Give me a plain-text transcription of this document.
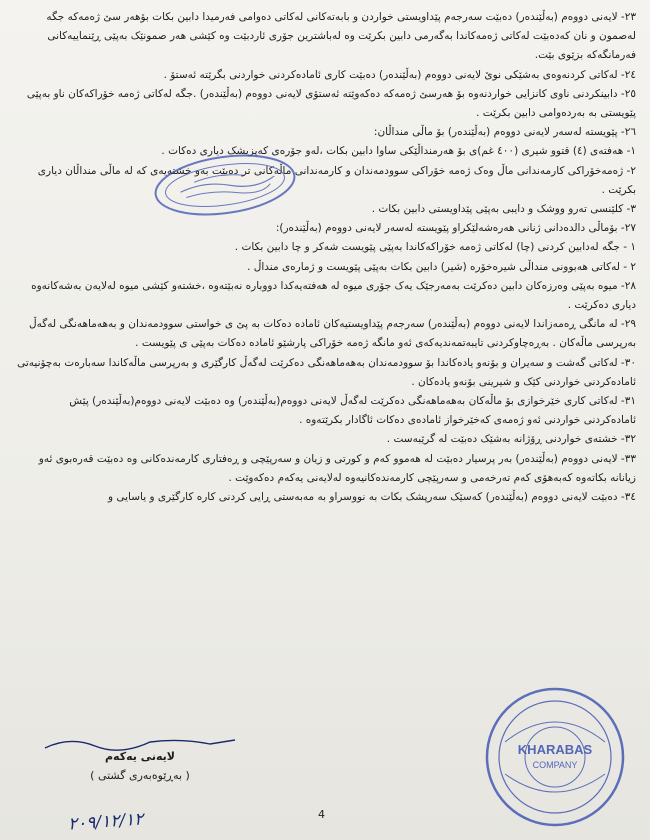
٢٣- لایەنی دووەم (بەڵێندەر) دەبێت سەرجەم پێداویستی خواردن و بابەتەکانی لەکاتی دەوامی فەرمیدا دابین بکات بۆهەر سێ ژەمەکە جگە لەصمون و نان کەدەبێت لەکاتی ژەمەکاندا بەگەرمی دابین بکرێت وە لەباشترین جۆری ئاردبێت وە کێشی هەر صمونێک بەپێی ڕێنماییەکانی فەرمانگەکە بزێوی بێت.

٢٤- لەکاتی کردنەوەی بەشێکی نوێ لایەنی دووەم (بەڵێندەر) دەبێت کاری ئامادەکردنی خواردنی بگرێتە ئەستۆ .

٢٥- دابینکردنی ناوی کانزایی خواردنەوە بۆ هەرسێ ژەمەکە دەکەوێتە ئەستۆی لایەنی دووەم (بەڵێندەر) .جگە لەکاتی ژەمە خۆراکەکان ناو بەپێی پێویستی بە بەردەوامی دابین بکرێت .

٢٦- پێویستە لەسەر لایەنی دووەم (بەڵێندەر) بۆ ماڵی منداڵان:

١- هەفتەی (٤) قتوو شیری (٤٠٠ غم)ی بۆ هەرمنداڵێکی ساوا دابین بکات ،لەو جۆرەی کەپزیشک دیاری دەکات .

٢- ژەمەخۆراکی کارمەندانی ماڵ وەک ژەمە خۆراکی سوودمەندان و کارمەندانی ماڵەکانی تر دەبێت بەو خشتەیەی کە لە ماڵی منداڵان دیاری بکرێت .

٣- کلێنسی تەرو ووشک و دایبی بەپێی پێداویستی دابین بکات .

٢٧- بۆماڵی دالدەدانی ژنانی هەرەشەلێکراو پێویستە لەسەر لایەنی دووەم (بەڵێندەر):

١ - جگە لەدابین کردنی (چا) لەکاتی ژەمە خۆراکەکاندا بەپێی پێویست شەکر و چا دابین بکات .

٢ - لەکاتی هەبوونی منداڵی شیرەخۆرە (شیر) دابین بکات بەپێی پێویست و ژمارەی منداڵ .

٢٨- میوە بەپێی وەرزەکان دابین دەکرێت بەمەرجێک یەک جۆری میوە لە هەفتەیەکدا دووبارە نەبێتەوە ،خشتەو کێشی میوە لەلایەن بەشەکانەوە دیاری دەکرێت .

٢٩- لە مانگی ڕەمەزاندا لایەنی دووەم (بەڵێندەر) سەرجەم پێداویستیەکان ئامادە دەکات بە پێ ی خواستی سوودمەندان و بەهەماهەنگی لەگەڵ بەرپرسی ماڵەکان . بەڕەچاوکردنی تایبەتمەندیەکەی ئەو مانگە ژەمە خۆراکی پارشێو ئامادە دەکات بەپێی ی پێویست .

٣٠- لەکاتی گەشت و سەیران و بۆنەو یادەکاندا بۆ سوودمەندان بەهەماهەنگی دەکرێت لەگەڵ کارگێری و بەرپرسی ماڵەکاندا سەبارەت بەچۆنیەتی ئامادەکردنی خواردنی کێک و شیرینی بۆنەو یادەکان .

٣١- لەکاتی کاری خێرخوازی بۆ ماڵەکان بەهەماهەنگی دەکرێت لەگەڵ لایەنی دووەم(بەڵێندەر) وە دەبێت لایەنی دووەم(بەڵێندەر) پێش ئامادەکردنی خواردنی ئەو ژەمەی کەخێرخواز ئامادەی دەکات ئاگادار بکرێتەوە .

٣٢- خشتەی خواردنی ڕۆژانە بەشێک دەبێت لە گرێبەست .

٣٣- لایەنی دووەم (بەڵێندەر) بەر پرسیار دەبێت لە هەموو کەم و کورتی و زیان و سەرپێچی و ڕەفتاری کارمەندەکانی وە دەبێت قەرەبوی ئەو زیانانە بکاتەوە کەبەهۆی کەم تەرخەمی و سەرپێچی کارمەندەکانیەوە لەلایەنی یەکەم دەکەوێت .

٣٤- دەبێت لایەنی دووەم (بەڵێندەر) کەسێک سەرپشک بکات بە نووسراو بە مەبەستی ڕایی کردنی کارە کارگێری و یاسایی و

لایەنی یەکەم
( بەڕێوەبەری گشتی )
٢٠٩/١٢/١٢	4
KHARABAS
COMPANY
